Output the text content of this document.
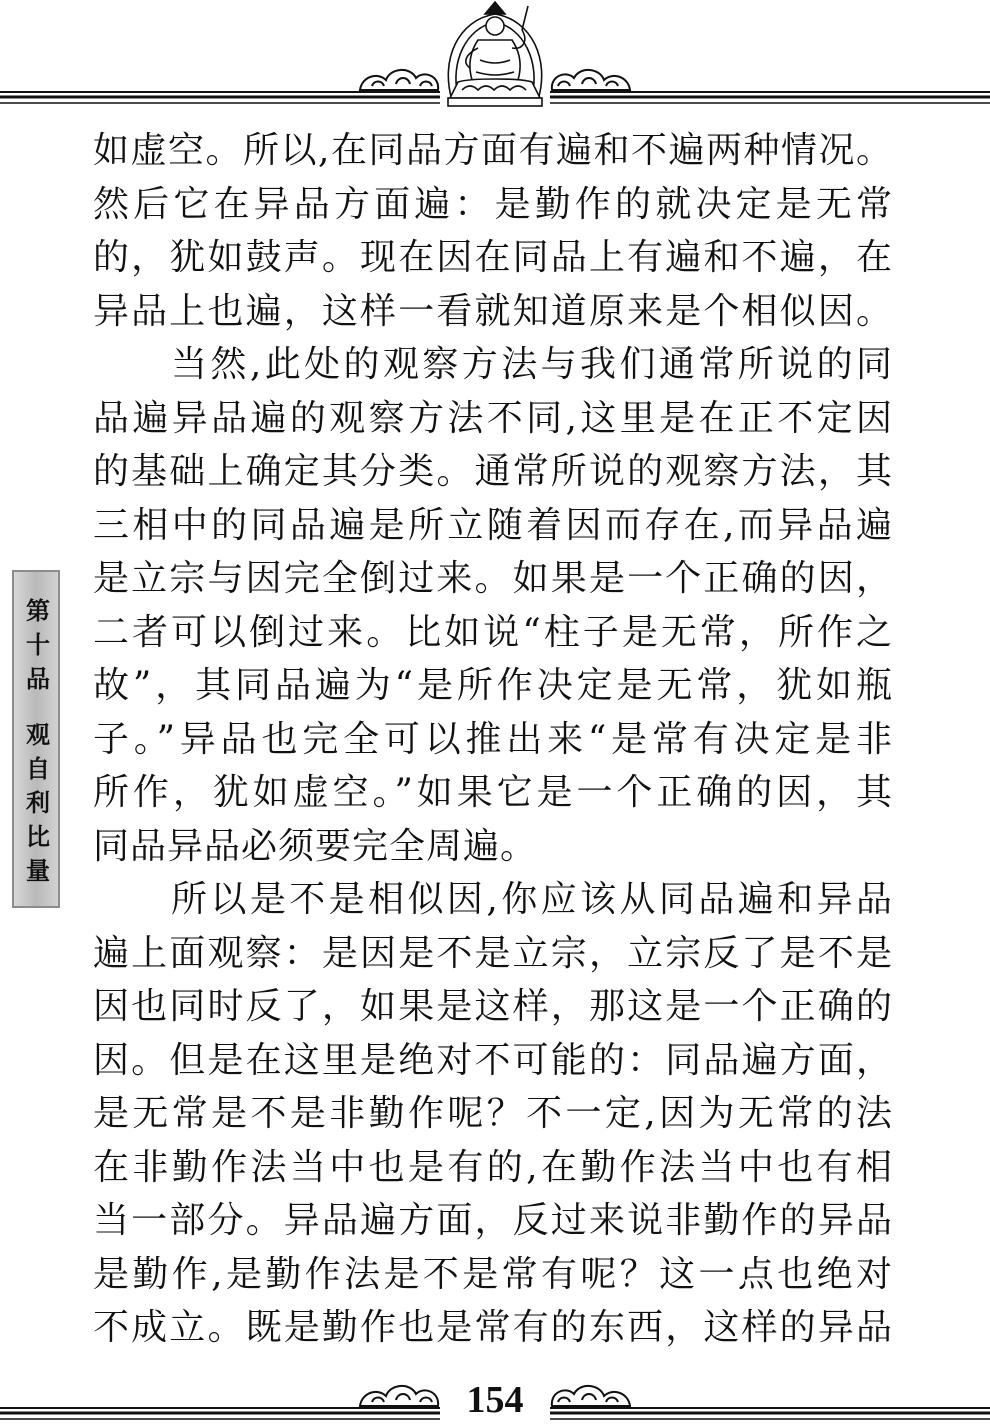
如虚空。所以,在同品方面有遍和不遍两种情况。
然后它在异品方面遍：是勤作的就决定是无常
的，犹如鼓声。现在因在同品上有遍和不遍，在
异品上也遍，这样一看就知道原来是个相似因。
当然,此处的观察方法与我们通常所说的同
品遍异品遍的观察方法不同,这里是在正不定因
的基础上确定其分类。通常所说的观察方法，其
三相中的同品遍是所立随着因而存在,而异品遍
是立宗与因完全倒过来。如果是一个正确的因，
二者可以倒过来。比如说“柱子是无常，所作之
故”，其同品遍为“是所作决定是无常，犹如瓶
子。”异品也完全可以推出来“是常有决定是非
所作，犹如虚空。”如果它是一个正确的因，其
同品异品必须要完全周遍。
所以是不是相似因,你应该从同品遍和异品
遍上面观察：是因是不是立宗，立宗反了是不是
因也同时反了，如果是这样，那这是一个正确的
因。但是在这里是绝对不可能的：同品遍方面，
是无常是不是非勤作呢？不一定,因为无常的法
在非勤作法当中也是有的,在勤作法当中也有相
当一部分。异品遍方面，反过来说非勤作的异品
是勤作,是勤作法是不是常有呢？这一点也绝对
不成立。既是勤作也是常有的东西，这样的异品
第十品
观自利比量
154
